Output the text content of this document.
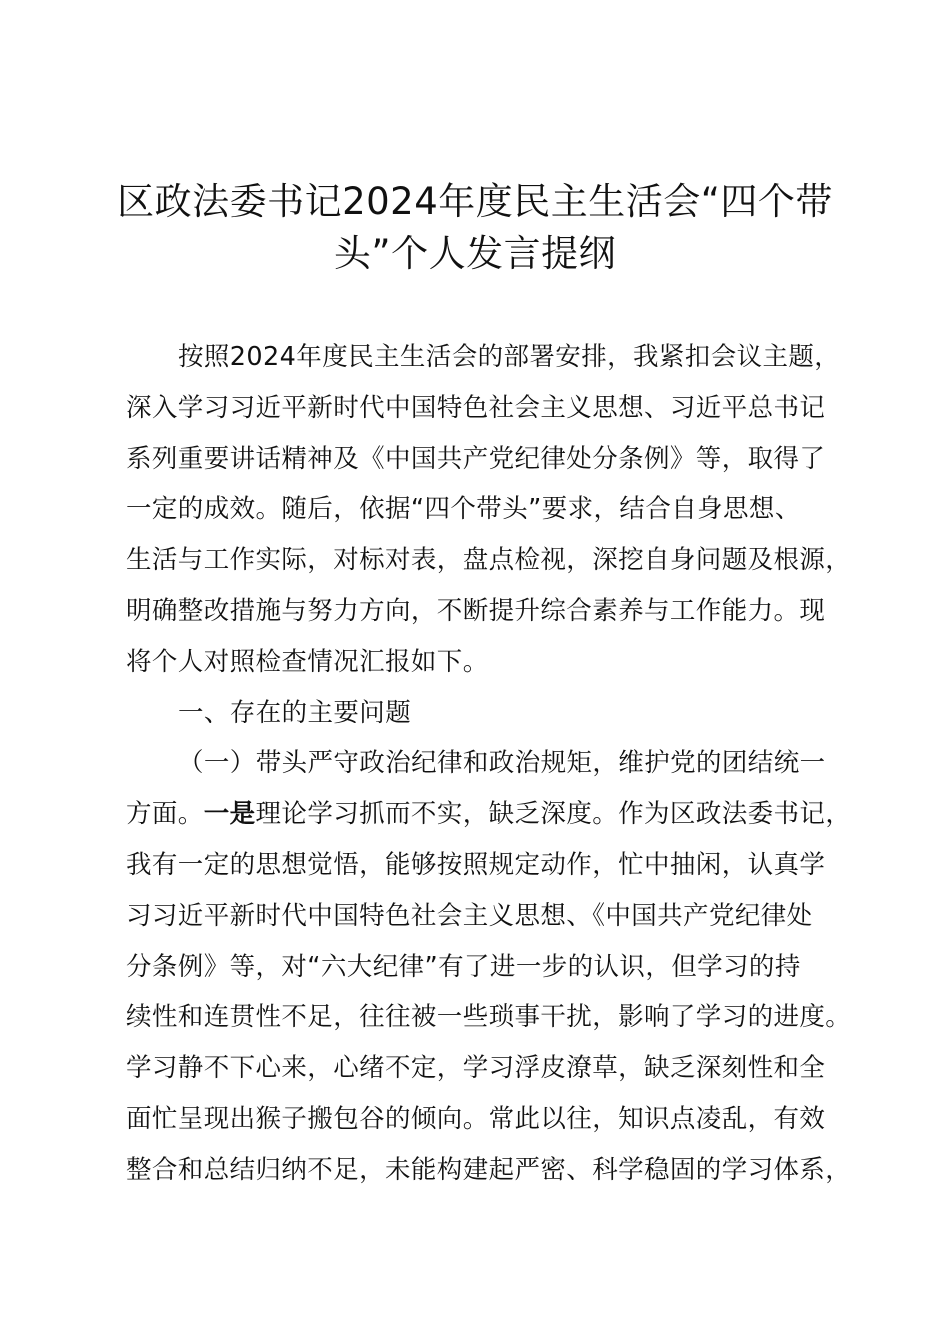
区政法委书记2024年度民主生活会“四个带
头”个人发言提纲
按照2024年度民主生活会的部署安排，我紧扣会议主题，
深入学习习近平新时代中国特色社会主义思想、习近平总书记
系列重要讲话精神及《中国共产党纪律处分条例》等，取得了
一定的成效。随后，依据“四个带头”要求，结合自身思想、
生活与工作实际，对标对表，盘点检视，深挖自身问题及根源，
明确整改措施与努力方向，不断提升综合素养与工作能力。现
将个人对照检查情况汇报如下。
一、存在的主要问题
（一）带头严守政治纪律和政治规矩，维护党的团结统一
方面。一是理论学习抓而不实，缺乏深度。作为区政法委书记，
我有一定的思想觉悟，能够按照规定动作，忙中抽闲，认真学
习习近平新时代中国特色社会主义思想、《中国共产党纪律处
分条例》等，对“六大纪律”有了进一步的认识，但学习的持
续性和连贯性不足，往往被一些琐事干扰，影响了学习的进度。
学习静不下心来，心绪不定，学习浮皮潦草，缺乏深刻性和全
面忙呈现出猴子搬包谷的倾向。常此以往，知识点凌乱，有效
整合和总结归纳不足，未能构建起严密、科学稳固的学习体系，
